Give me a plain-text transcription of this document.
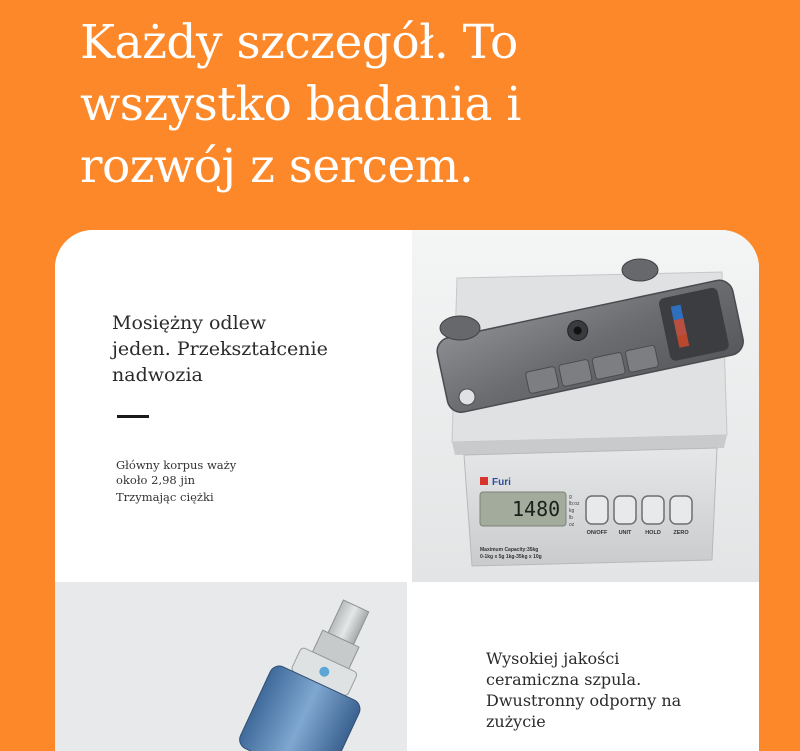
Każdy szczegół. To
wszystko badania i
rozwój z sercem.
Mosiężny odlew
jeden. Przekształcenie
nadwozia

Główny korpus waży
około 2,98 jin

Trzymając ciężki

Furi
1480 g
lb:oz
kg
lb
oz
ON/OFF UNIT	HOLD ZERO
Maximum Capacity:35kg
0-1kg x 5g 1kg-35kg x 10g
Wysokiej jakości
ceramiczna szpula.
Dwustronny odporny na
zużycie
